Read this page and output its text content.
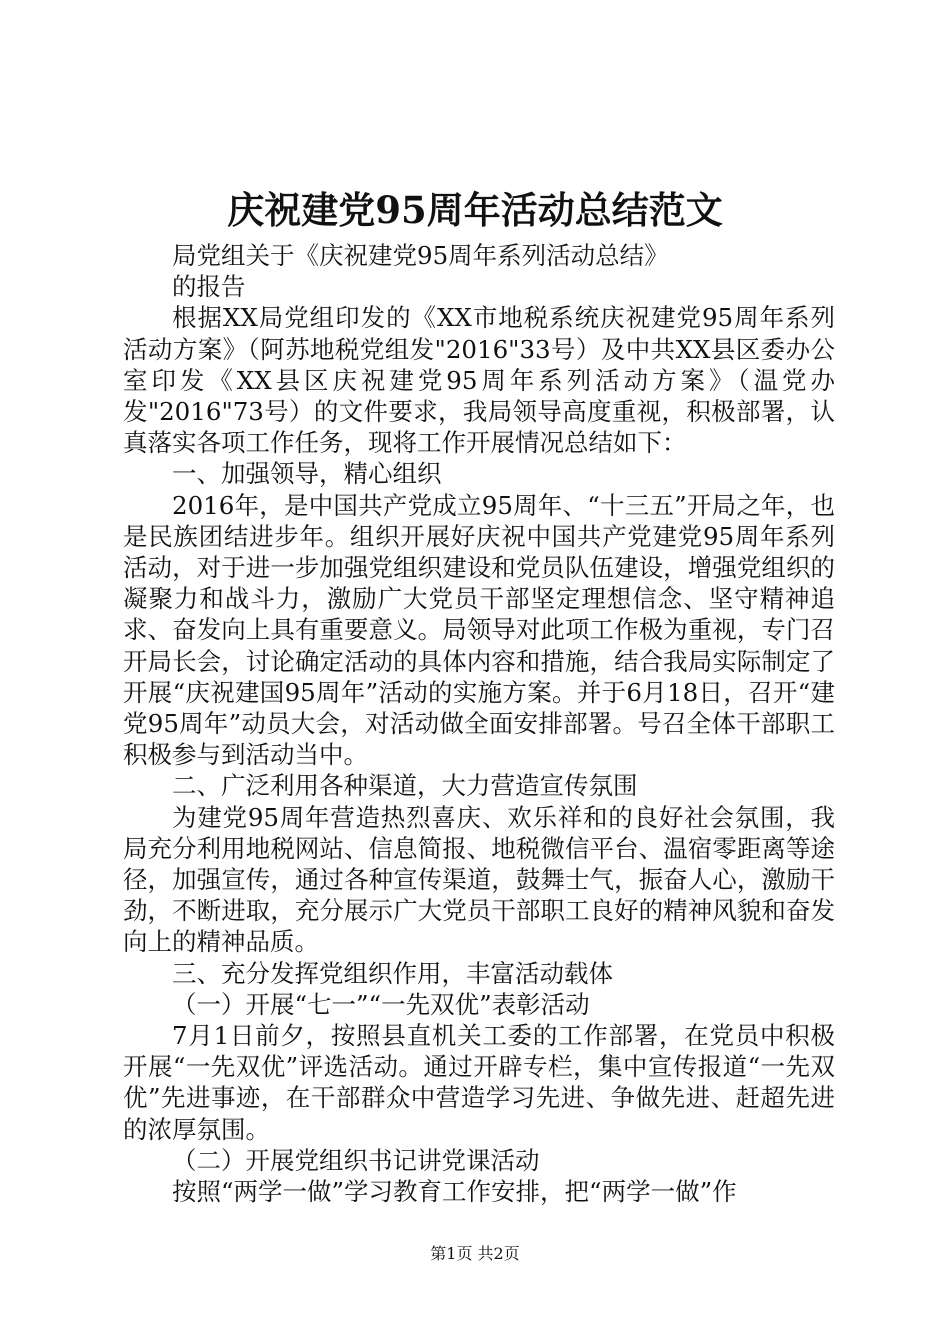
庆祝建党95周年活动总结范文

局党组关于《庆祝建党95周年系列活动总结》

的报告

根据XX局党组印发的《XX市地税系统庆祝建党95周年系列活动方案》（阿苏地税党组发"2016"33号）及中共XX县区委办公室印发《XX县区庆祝建党95周年系列活动方案》（温党办发"2016"73号）的文件要求，我局领导高度重视，积极部署，认真落实各项工作任务，现将工作开展情况总结如下：

一、加强领导，精心组织

2016年，是中国共产党成立95周年、“十三五”开局之年，也是民族团结进步年。组织开展好庆祝中国共产党建党95周年系列活动，对于进一步加强党组织建设和党员队伍建设，增强党组织的凝聚力和战斗力，激励广大党员干部坚定理想信念、坚守精神追求、奋发向上具有重要意义。局领导对此项工作极为重视，专门召开局长会，讨论确定活动的具体内容和措施，结合我局实际制定了开展“庆祝建国95周年”活动的实施方案。并于6月18日，召开“建党95周年”动员大会，对活动做全面安排部署。号召全体干部职工积极参与到活动当中。

二、广泛利用各种渠道，大力营造宣传氛围

为建党95周年营造热烈喜庆、欢乐祥和的良好社会氛围，我局充分利用地税网站、信息简报、地税微信平台、温宿零距离等途径，加强宣传，通过各种宣传渠道，鼓舞士气，振奋人心，激励干劲，不断进取，充分展示广大党员干部职工良好的精神风貌和奋发向上的精神品质。

三、充分发挥党组织作用，丰富活动载体

（一）开展“七一”“一先双优”表彰活动

7月1日前夕，按照县直机关工委的工作部署，在党员中积极开展“一先双优”评选活动。通过开辟专栏，集中宣传报道“一先双优”先进事迹，在干部群众中营造学习先进、争做先进、赶超先进的浓厚氛围。

（二）开展党组织书记讲党课活动

按照“两学一做”学习教育工作安排，把“两学一做”作

第1页 共2页
